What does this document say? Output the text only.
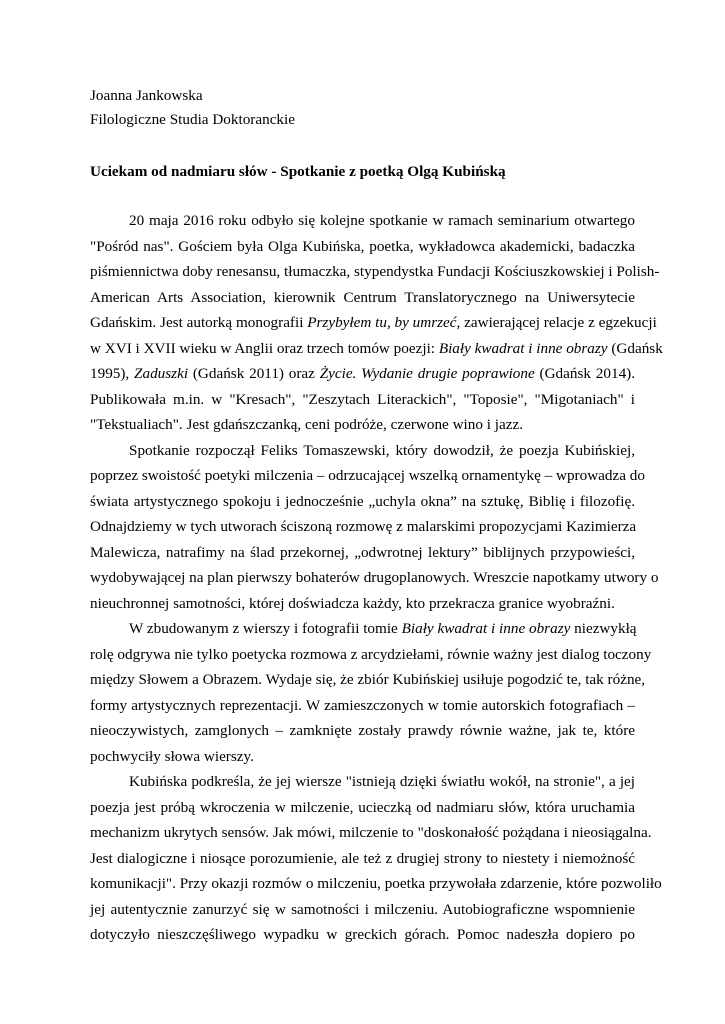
Joanna Jankowska
Filologiczne Studia Doktoranckie
Uciekam od nadmiaru słów - Spotkanie z poetką Olgą Kubińską
20 maja 2016 roku odbyło się kolejne spotkanie w ramach seminarium otwartego
"Pośród nas". Gościem była Olga Kubińska, poetka, wykładowca akademicki, badaczka
piśmiennictwa doby renesansu, tłumaczka, stypendystka Fundacji Kościuszkowskiej i Polish-
American Arts Association, kierownik Centrum Translatorycznego na Uniwersytecie
Gdańskim. Jest autorką monografii Przybyłem tu, by umrzeć, zawierającej relacje z egzekucji
w XVI i XVII wieku w Anglii oraz trzech tomów poezji: Biały kwadrat i inne obrazy (Gdańsk
1995), Zaduszki (Gdańsk 2011) oraz Życie. Wydanie drugie poprawione (Gdańsk 2014).
Publikowała m.in. w "Kresach", "Zeszytach Literackich", "Toposie", "Migotaniach" i
"Tekstualiach". Jest gdańszczanką, ceni podróże, czerwone wino i jazz.
Spotkanie rozpoczął Feliks Tomaszewski, który dowodził, że poezja Kubińskiej,
poprzez swoistość poetyki milczenia – odrzucającej wszelką ornamentykę – wprowadza do
świata artystycznego spokoju i jednocześnie „uchyla okna” na sztukę, Biblię i filozofię.
Odnajdziemy w tych utworach ściszoną rozmowę z malarskimi propozycjami Kazimierza
Malewicza, natrafimy na ślad przekornej, „odwrotnej lektury” biblijnych przypowieści,
wydobywającej na plan pierwszy bohaterów drugoplanowych. Wreszcie napotkamy utwory o
nieuchronnej samotności, której doświadcza każdy, kto przekracza granice wyobraźni.
W zbudowanym z wierszy i fotografii tomie Biały kwadrat i inne obrazy niezwykłą
rolę odgrywa nie tylko poetycka rozmowa z arcydziełami, równie ważny jest dialog toczony
między Słowem a Obrazem. Wydaje się, że zbiór Kubińskiej usiłuje pogodzić te, tak różne,
formy artystycznych reprezentacji. W zamieszczonych w tomie autorskich fotografiach –
nieoczywistych, zamglonych – zamknięte zostały prawdy równie ważne, jak te, które
pochwyciły słowa wierszy.
Kubińska podkreśla, że jej wiersze "istnieją dzięki światłu wokół, na stronie", a jej
poezja jest próbą wkroczenia w milczenie, ucieczką od nadmiaru słów, która uruchamia
mechanizm ukrytych sensów. Jak mówi, milczenie to "doskonałość pożądana i nieosiągalna.
Jest dialogiczne i niosące porozumienie, ale też z drugiej strony to niestety i niemożność
komunikacji". Przy okazji rozmów o milczeniu, poetka przywołała zdarzenie, które pozwoliło
jej autentycznie zanurzyć się w samotności i milczeniu. Autobiograficzne wspomnienie
dotyczyło nieszczęśliwego wypadku w greckich górach. Pomoc nadeszła dopiero po
